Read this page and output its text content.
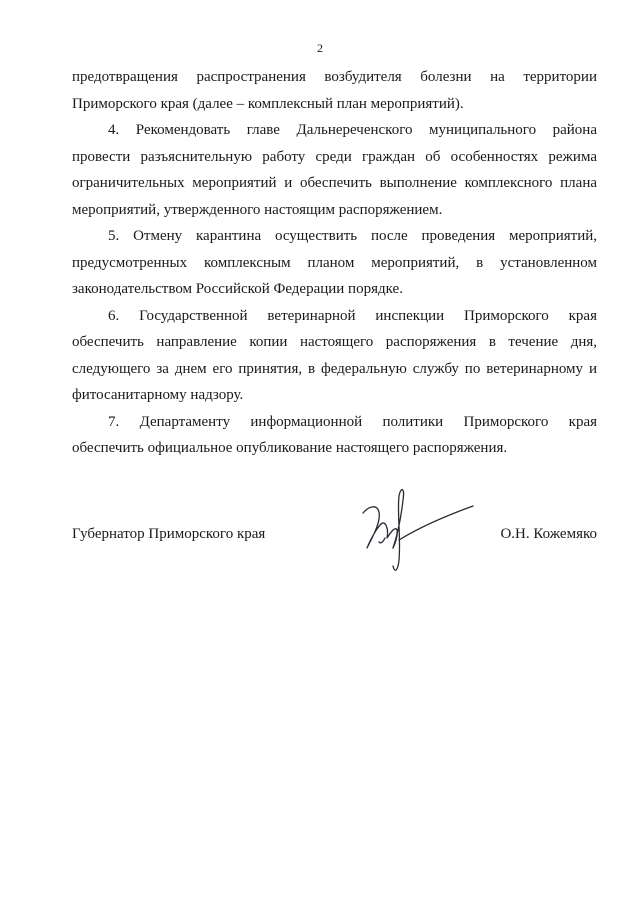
2
предотвращения распространения возбудителя болезни на территории
Приморского края (далее – комплексный план мероприятий).
4. Рекомендовать главе Дальнереченского муниципального района
провести разъяснительную работу среди граждан об особенностях режима
ограничительных мероприятий и обеспечить выполнение комплексного плана
мероприятий, утвержденного настоящим распоряжением.
5. Отмену карантина осуществить после проведения мероприятий,
предусмотренных комплексным планом мероприятий, в установленном
законодательством Российской Федерации порядке.
6. Государственной ветеринарной инспекции Приморского края
обеспечить направление копии настоящего распоряжения в течение дня,
следующего за днем его принятия, в федеральную службу по ветеринарному и
фитосанитарному надзору.
7. Департаменту информационной политики Приморского края
обеспечить официальное опубликование настоящего распоряжения.
Губернатор Приморского края	О.Н. Кожемяко
